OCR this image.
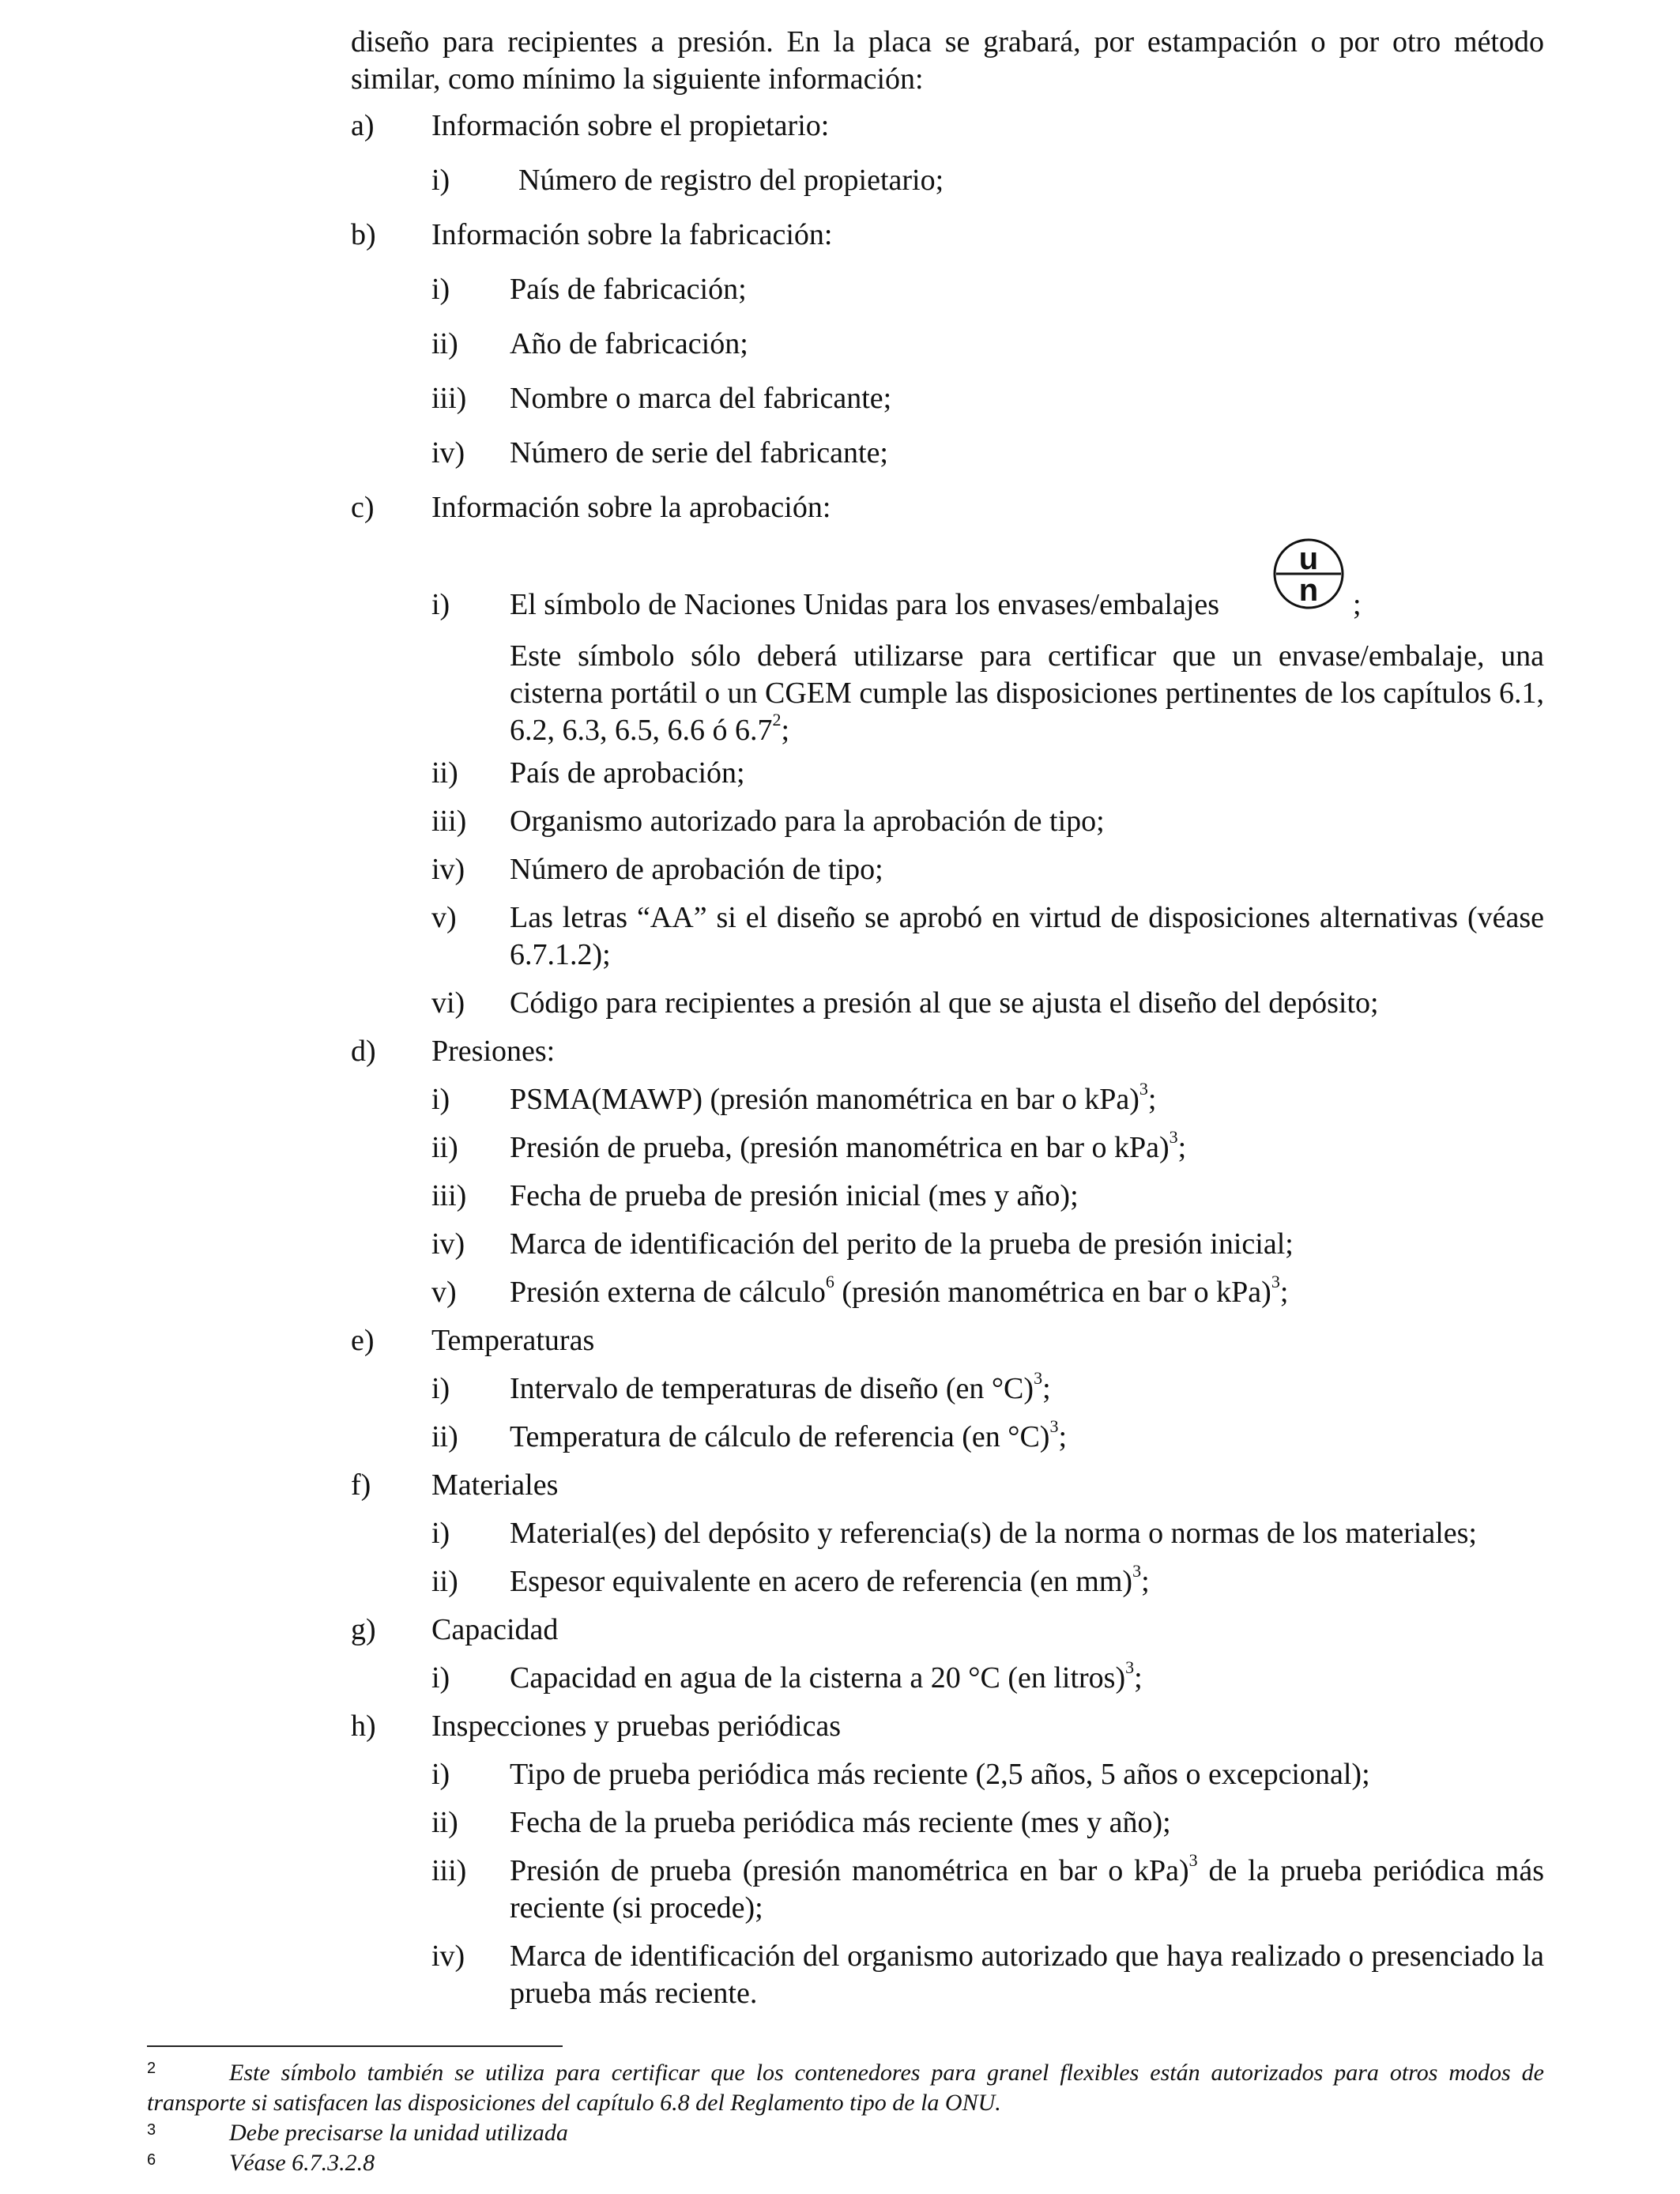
diseño para recipientes a presión. En la placa se grabará, por estampación o por otro método similar, como mínimo la siguiente información:
a) Información sobre el propietario:
i) Número de registro del propietario;
b) Información sobre la fabricación:
i) País de fabricación;
ii) Año de fabricación;
iii) Nombre o marca del fabricante;
iv) Número de serie del fabricante;
c) Información sobre la aprobación:
i) El símbolo de Naciones Unidas para los envases/embalajes
u
n ;
Este símbolo sólo deberá utilizarse para certificar que un envase/embalaje, una cisterna portátil o un CGEM cumple las disposiciones pertinentes de los capítulos 6.1, 6.2, 6.3, 6.5, 6.6 ó $6.7^2$;
ii) País de aprobación;
iii) Organismo autorizado para la aprobación de tipo;
iv) Número de aprobación de tipo;
v) Las letras “AA” si el diseño se aprobó en virtud de disposiciones alternativas (véase 6.7.1.2);
vi) Código para recipientes a presión al que se ajusta el diseño del depósito;
d) Presiones:
i) PSMA(MAWP) (presión manométrica en bar o kPa)$^3$;
ii) Presión de prueba, (presión manométrica en bar o kPa)$^3$;
iii) Fecha de prueba de presión inicial (mes y año);
iv) Marca de identificación del perito de la prueba de presión inicial;
v) Presión externa de cálculo$^6$ (presión manométrica en bar o kPa)$^3$;
e) Temperaturas
i) Intervalo de temperaturas de diseño (en °C)$^3$;
ii) Temperatura de cálculo de referencia (en °C)$^3$;
f) Materiales
i) Material(es) del depósito y referencia(s) de la norma o normas de los materiales;
ii) Espesor equivalente en acero de referencia (en mm)$^3$;
g) Capacidad
i) Capacidad en agua de la cisterna a 20 °C (en litros)$^3$;
h) Inspecciones y pruebas periódicas
i) Tipo de prueba periódica más reciente (2,5 años, 5 años o excepcional);
ii) Fecha de la prueba periódica más reciente (mes y año);
iii) Presión de prueba (presión manométrica en bar o kPa)$^3$ de la prueba periódica más reciente (si procede);
iv) Marca de identificación del organismo autorizado que haya realizado o presenciado la prueba más reciente.
2	Este símbolo también se utiliza para certificar que los contenedores para granel flexibles están autorizados para otros modos de transporte si satisfacen las disposiciones del capítulo 6.8 del Reglamento tipo de la ONU.
3	Debe precisarse la unidad utilizada
6	Véase 6.7.3.2.8
